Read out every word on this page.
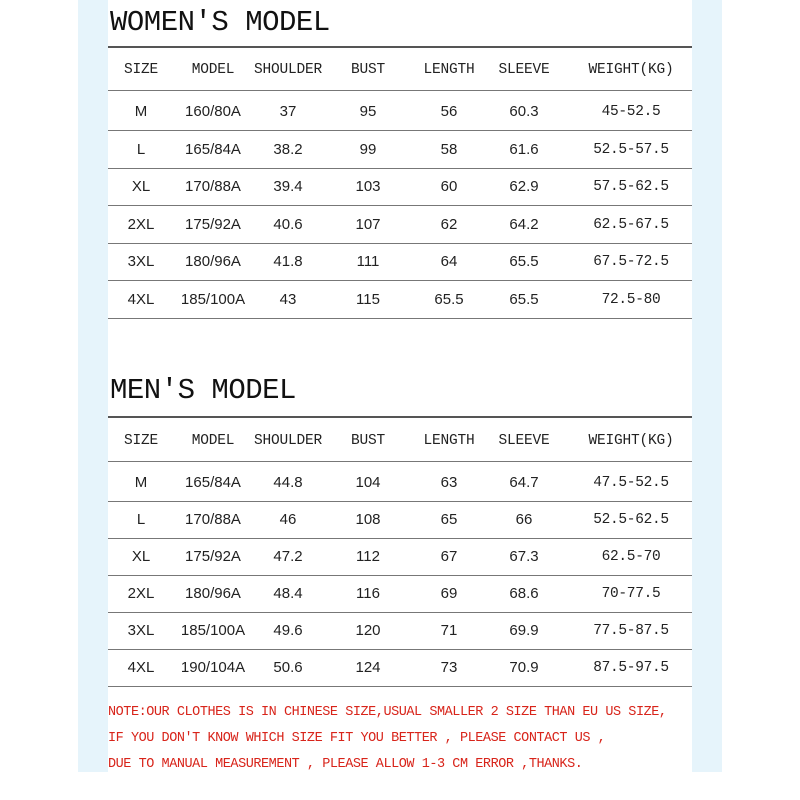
WOMEN'S MODEL
SIZE MODEL SHOULDER BUST	LENGTH SLEEVE	WEIGHT(KG)
M	160/80A	37	95	56	60.3	45-52.5
L	165/84A 38.2	99	58	61.6	52.5-57.5
XL 170/88A 39.4	103	60	62.9	57.5-62.5
2XL 175/92A 40.6	107	62	64.2	62.5-67.5
3XL 180/96A 41.8	111	64	65.5	67.5-72.5
4XL 185/100A 43	115	65.5	65.5	72.5-80
MEN'S MODEL
SIZE MODEL SHOULDER BUST	LENGTH SLEEVE	WEIGHT(KG)
M	165/84A 44.8	104	63	64.7	47.5-52.5
L	170/88A	46	108	65	66	52.5-62.5
XL 175/92A 47.2	112	67	67.3	62.5-70
2XL 180/96A 48.4	116	69	68.6	70-77.5
3XL 185/100A 49.6	120	71	69.9	77.5-87.5
4XL 190/104A 50.6	124	73	70.9	87.5-97.5
NOTE:OUR CLOTHES IS IN CHINESE SIZE,USUAL SMALLER 2 SIZE THAN EU US SIZE,
IF YOU DON'T KNOW WHICH SIZE FIT YOU BETTER , PLEASE CONTACT US ,
DUE TO MANUAL MEASUREMENT , PLEASE ALLOW 1-3 CM ERROR ,THANKS.
